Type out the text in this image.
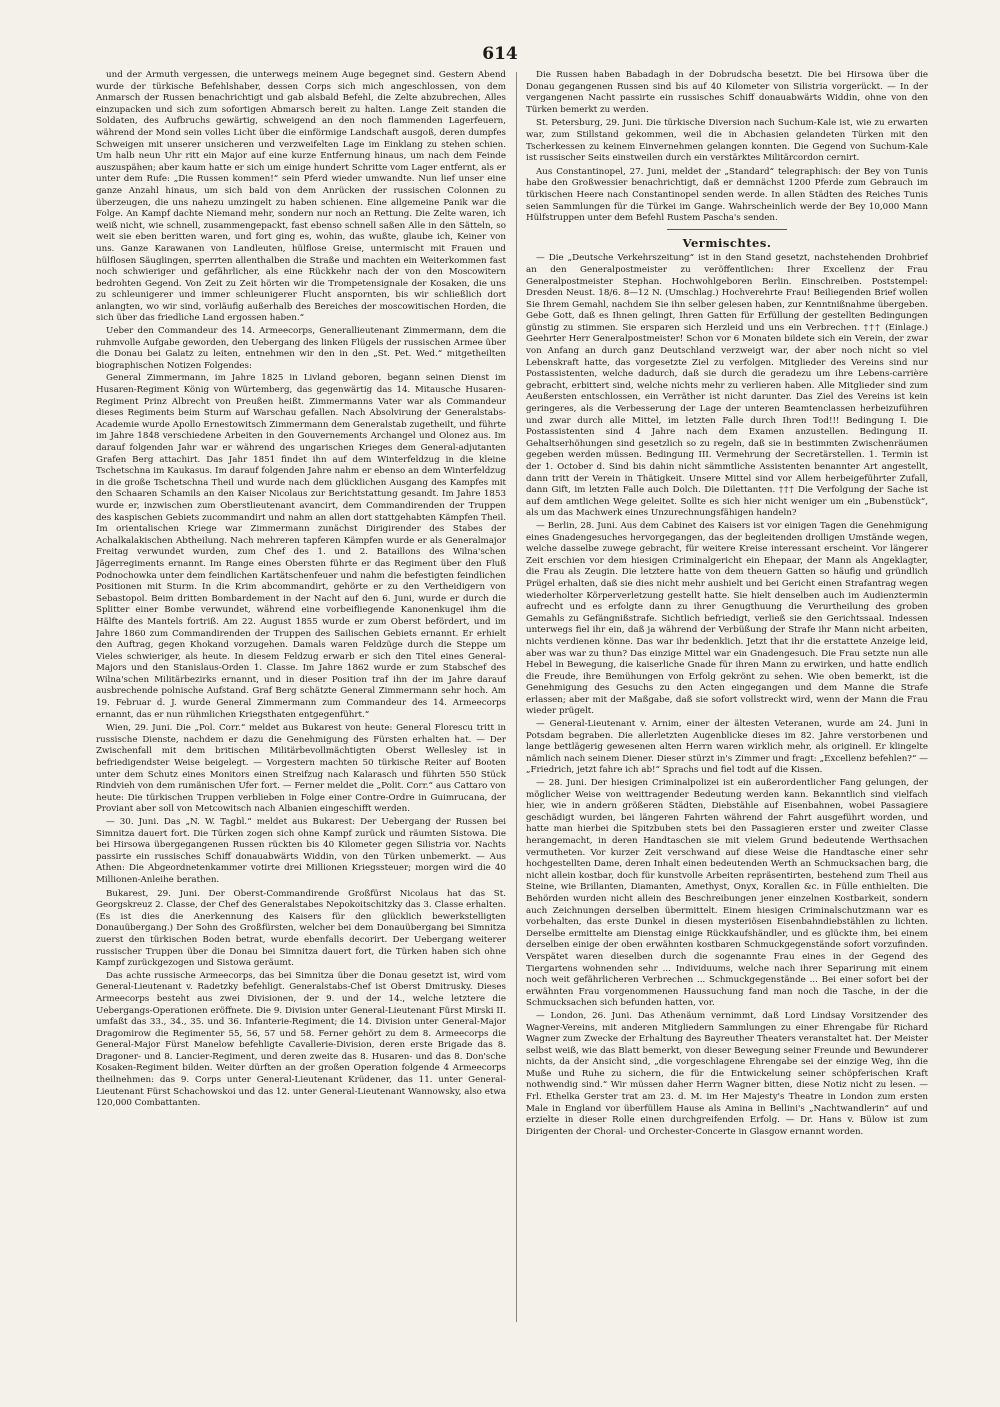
614

und der Armuth vergessen, die unterwegs meinem Auge begegnet sind. Gestern Abend wurde der türkische Befehlshaber, dessen Corps sich mich angeschlossen, von dem Anmarsch der Russen benachrichtigt und gab alsbald Befehl, die Zelte abzubrechen, Alles einzupacken und sich zum sofortigen Abmarsch bereit zu halten. Lange Zeit standen die Soldaten, des Aufbruchs gewärtig, schweigend an den noch flammenden Lagerfeuern, während der Mond sein volles Licht über die einförmige Landschaft ausgoß, deren dumpfes Schweigen mit unserer unsicheren und verzweifelten Lage im Einklang zu stehen schien. Um halb neun Uhr ritt ein Major auf eine kurze Entfernung hinaus, um nach dem Feinde auszuspähen; aber kaum hatte er sich um einige hundert Schritte vom Lager entfernt, als er unter dem Rufe: „Die Russen kommen!“ sein Pferd wieder umwandte. Nun lief unser eine ganze Anzahl hinaus, um sich bald von dem Anrücken der russischen Colonnen zu überzeugen, die uns nahezu umzingelt zu haben schienen. Eine allgemeine Panik war die Folge. An Kampf dachte Niemand mehr, sondern nur noch an Rettung. Die Zelte waren, ich weiß nicht, wie schnell, zusammengepackt, fast ebenso schnell saßen Alle in den Sätteln, so weit sie eben beritten waren, und fort ging es, wohin, das wußte, glaube ich, Keiner von uns. Ganze Karawanen von Landleuten, hülflose Greise, untermischt mit Frauen und hülflosen Säuglingen, sperrten allenthalben die Straße und machten ein Weiterkommen fast noch schwieriger und gefährlicher, als eine Rückkehr nach der von den Moscowitern bedrohten Gegend. Von Zeit zu Zeit hörten wir die Trompetensignale der Kosaken, die uns zu schleunigerer und immer schleunigerer Flucht anspornten, bis wir schließlich dort anlangten, wo wir sind, vorläufig außerhalb des Bereiches der moscowitischen Horden, die sich über das friedliche Land ergossen haben.“

Ueber den Commandeur des 14. Armeecorps, Generallieutenant Zimmermann, dem die ruhmvolle Aufgabe geworden, den Uebergang des linken Flügels der russischen Armee über die Donau bei Galatz zu leiten, entnehmen wir den in den „St. Pet. Wed.“ mitgetheilten biographischen Notizen Folgendes:

General Zimmermann, im Jahre 1825 in Livland geboren, begann seinen Dienst im Husaren-Regiment König von Würtemberg, das gegenwärtig das 14. Mitausche Husaren-Regiment Prinz Albrecht von Preußen heißt. Zimmermanns Vater war als Commandeur dieses Regiments beim Sturm auf Warschau gefallen. Nach Absolvirung der Generalstabs-Academie wurde Apollo Ernestowitsch Zimmermann dem Generalstab zugetheilt, und führte im Jahre 1848 verschiedene Arbeiten in den Gouvernements Archangel und Olonez aus. Im darauf folgenden Jahr war er während des ungarischen Krieges dem General-adjutanten Grafen Berg attachirt. Das Jahr 1851 findet ihn auf dem Winterfeldzug in die kleine Tschetschna im Kaukasus. Im darauf folgenden Jahre nahm er ebenso an dem Winterfeldzug in die große Tschetschna Theil und wurde nach dem glücklichen Ausgang des Kampfes mit den Schaaren Schamils an den Kaiser Nicolaus zur Berichtstattung gesandt. Im Jahre 1853 wurde er, inzwischen zum Oberstlieutenant avancirt, dem Commandirenden der Truppen des kaspischen Gebiets zucommandirt und nahm an allen dort stattgehabten Kämpfen Theil. Im orientalischen Kriege war Zimmermann zunächst Dirigirender des Stabes der Achalkalakischen Abtheilung. Nach mehreren tapferen Kämpfen wurde er als Generalmajor Freitag verwundet wurden, zum Chef des 1. und 2. Bataillons des Wilna'schen Jägerregiments ernannt. Im Range eines Obersten führte er das Regiment über den Fluß Podnochowka unter dem feindlichen Kartätschenfeuer und nahm die befestigten feindlichen Positionen mit Sturm. In die Krim abcommandirt, gehörte er zu den Vertheidigern von Sebastopol. Beim dritten Bombardement in der Nacht auf den 6. Juni, wurde er durch die Splitter einer Bombe verwundet, während eine vorbeifliegende Kanonenkugel ihm die Hälfte des Mantels fortriß. Am 22. August 1855 wurde er zum Oberst befördert, und im Jahre 1860 zum Commandirenden der Truppen des Sailischen Gebiets ernannt. Er erhielt den Auftrag, gegen Khokand vorzugehen. Damals waren Feldzüge durch die Steppe um Vieles schwieriger, als heute. In diesem Feldzug erwarb er sich den Titel eines General-Majors und den Stanislaus-Orden 1. Classe. Im Jahre 1862 wurde er zum Stabschef des Wilna'schen Militärbezirks ernannt, und in dieser Position traf ihn der im Jahre darauf ausbrechende polnische Aufstand. Graf Berg schätzte General Zimmermann sehr hoch. Am 19. Februar d. J. wurde General Zimmermann zum Commandeur des 14. Armeecorps ernannt, das er nun rühmlichen Kriegsthaten entgegenführt.“

Wien, 29. Juni. Die „Pol. Corr.“ meldet aus Bukarest von heute: General Florescu tritt in russische Dienste, nachdem er dazu die Genehmigung des Fürsten erhalten hat. — Der Zwischenfall mit dem britischen Militärbevollmächtigten Oberst Wellesley ist in befriedigendster Weise beigelegt. — Vorgestern machten 50 türkische Reiter auf Booten unter dem Schutz eines Monitors einen Streifzug nach Kalarasch und führten 550 Stück Rindvieh von dem rumänischen Ufer fort. — Ferner meldet die „Polit. Corr.“ aus Cattaro von heute: Die türkischen Truppen verblieben in Folge einer Contre-Ordre in Guimrucana, der Proviant aber soll von Metcowitsch nach Albanien eingeschifft werden.

— 30. Juni. Das „N. W. Tagbl.“ meldet aus Bukarest: Der Uebergang der Russen bei Simnitza dauert fort. Die Türken zogen sich ohne Kampf zurück und räumten Sistowa. Die bei Hirsowa übergegangenen Russen rückten bis 40 Kilometer gegen Silistria vor. Nachts passirte ein russisches Schiff donauabwärts Widdin, von den Türken unbemerkt. — Aus Athen: Die Abgeordnetenkammer votirte drei Millionen Kriegssteuer; morgen wird die 40 Millionen-Anleihe berathen.

Bukarest, 29. Juni. Der Oberst-Commandirende Großfürst Nicolaus hat das St. Georgskreuz 2. Classe, der Chef des Generalstabes Nepokoitschitzky das 3. Classe erhalten. (Es ist dies die Anerkennung des Kaisers für den glücklich bewerkstelligten Donauübergang.) Der Sohn des Großfürsten, welcher bei dem Donauübergang bei Simnitza zuerst den türkischen Boden betrat, wurde ebenfalls decorirt. Der Uebergang weiterer russischer Truppen über die Donau bei Simnitza dauert fort, die Türken haben sich ohne Kampf zurückgezogen und Sistowa geräumt.

Das achte russische Armeecorps, das bei Simnitza über die Donau gesetzt ist, wird vom General-Lieutenant v. Radetzky befehligt. Generalstabs-Chef ist Oberst Dmitrusky. Dieses Armeecorps besteht aus zwei Divisionen, der 9. und der 14., welche letztere die Uebergangs-Operationen eröffnete. Die 9. Division unter General-Lieutenant Fürst Mirski II. umfaßt das 33., 34., 35. und 36. Infanterie-Regiment; die 14. Division unter General-Major Dragomirow die Regimenter 55, 56, 57 und 58. Ferner gehört zu dem 8. Armeecorps die General-Major Fürst Manelow befehligte Cavallerie-Division, deren erste Brigade das 8. Dragoner- und 8. Lancier-Regiment, und deren zweite das 8. Husaren- und das 8. Don'sche Kosaken-Regiment bilden. Weiter dürften an der großen Operation folgende 4 Armeecorps theilnehmen: das 9. Corps unter General-Lieutenant Krüdener, das 11. unter General-Lieutenant Fürst Schachowskoi und das 12. unter General-Lieutenant Wannowsky, also etwa 120,000 Combattanten.

Die Russen haben Babadagh in der Dobrudscha besetzt. Die bei Hirsowa über die Donau gegangenen Russen sind bis auf 40 Kilometer von Silistria vorgerückt. — In der vergangenen Nacht passirte ein russisches Schiff donauabwärts Widdin, ohne von den Türken bemerkt zu werden.

St. Petersburg, 29. Juni. Die türkische Diversion nach Suchum-Kale ist, wie zu erwarten war, zum Stillstand gekommen, weil die in Abchasien gelandeten Türken mit den Tscherkessen zu keinem Einvernehmen gelangen konnten. Die Gegend von Suchum-Kale ist russischer Seits einstweilen durch ein verstärktes Militärcordon cernirt.

Aus Constantinopel, 27. Juni, meldet der „Standard“ telegraphisch: der Bey von Tunis habe den Großwessier benachrichtigt, daß er demnächst 1200 Pferde zum Gebrauch im türkischen Heere nach Constantinopel senden werde. In allen Städten des Reiches Tunis seien Sammlungen für die Türkei im Gange. Wahrscheinlich werde der Bey 10,000 Mann Hülfstruppen unter dem Befehl Rustem Pascha's senden.

Vermischtes.

— Die „Deutsche Verkehrszeitung“ ist in den Stand gesetzt, nachstehenden Drohbrief an den Generalpostmeister zu veröffentlichen: Ihrer Excellenz der Frau Generalpostmeister Stephan. Hochwohlgeboren Berlin. Einschreiben. Poststempel: Dresden Neust. 18/6. 8—12 N. (Umschlag.) Hochverehrte Frau! Beiliegenden Brief wollen Sie Ihrem Gemahl, nachdem Sie ihn selber gelesen haben, zur Kenntnißnahme übergeben. Gebe Gott, daß es Ihnen gelingt, Ihren Gatten für Erfüllung der gestellten Bedingungen günstig zu stimmen. Sie ersparen sich Herzleid und uns ein Verbrechen. ††† (Einlage.) Geehrter Herr Generalpostmeister! Schon vor 6 Monaten bildete sich ein Verein, der zwar von Anfang an durch ganz Deutschland verzweigt war, der aber noch nicht so viel Lebenskraft hatte, das vorgesetzte Ziel zu verfolgen. Mitglieder des Vereins sind nur Postassistenten, welche dadurch, daß sie durch die geradezu um ihre Lebens-carrière gebracht, erbittert sind, welche nichts mehr zu verlieren haben. Alle Mitglieder sind zum Aeußersten entschlossen, ein Verräther ist nicht darunter. Das Ziel des Vereins ist kein geringeres, als die Verbesserung der Lage der unteren Beamtenclassen herbeizuführen und zwar durch alle Mittel, im letzten Falle durch Ihren Tod!!! Bedingung I. Die Postassistenten sind 4 Jahre nach dem Examen anzustellen. Bedingung II. Gehaltserhöhungen sind gesetzlich so zu regeln, daß sie in bestimmten Zwischenräumen gegeben werden müssen. Bedingung III. Vermehrung der Secretärstellen. 1. Termin ist der 1. October d. Sind bis dahin nicht sämmtliche Assistenten benannter Art angestellt, dann tritt der Verein in Thätigkeit. Unsere Mittel sind vor Allem herbeigeführter Zufall, dann Gift, im letzten Falle auch Dolch. Die Dilettanten. ††† Die Verfolgung der Sache ist auf dem amtlichen Wege geleitet. Sollte es sich hier nicht weniger um ein „Bubenstück“, als um das Machwerk eines Unzurechnungsfähigen handeln?

— Berlin, 28. Juni. Aus dem Cabinet des Kaisers ist vor einigen Tagen die Genehmigung eines Gnadengesuches hervorgegangen, das der begleitenden drolligen Umstände wegen, welche dasselbe zuwege gebracht, für weitere Kreise interessant erscheint. Vor längerer Zeit erschien vor dem hiesigen Criminalgericht ein Ehepaar, der Mann als Angeklagter, die Frau als Zeugin. Die letztere hatte von dem theuern Gatten so häufig und gründlich Prügel erhalten, daß sie dies nicht mehr aushielt und bei Gericht einen Strafantrag wegen wiederholter Körperverletzung gestellt hatte. Sie hielt denselben auch im Audienztermin aufrecht und es erfolgte dann zu ihrer Genugthuung die Verurtheilung des groben Gemahls zu Gefängnißstrafe. Sichtlich befriedigt, verließ sie den Gerichtssaal. Indessen unterwegs fiel ihr ein, daß ja während der Verbüßung der Strafe ihr Mann nicht arbeiten, nichts verdienen könne. Das war ihr bedenklich. Jetzt that ihr die erstattete Anzeige leid, aber was war zu thun? Das einzige Mittel war ein Gnadengesuch. Die Frau setzte nun alle Hebel in Bewegung, die kaiserliche Gnade für ihren Mann zu erwirken, und hatte endlich die Freude, ihre Bemühungen von Erfolg gekrönt zu sehen. Wie oben bemerkt, ist die Genehmigung des Gesuchs zu den Acten eingegangen und dem Manne die Strafe erlassen; aber mit der Maßgabe, daß sie sofort vollstreckt wird, wenn der Mann die Frau wieder prügelt.

— General-Lieutenant v. Arnim, einer der ältesten Veteranen, wurde am 24. Juni in Potsdam begraben. Die allerletzten Augenblicke dieses im 82. Jahre verstorbenen und lange bettlägerig gewesenen alten Herrn waren wirklich mehr, als originell. Er klingelte nämlich nach seinem Diener. Dieser stürzt in's Zimmer und fragt: „Excellenz befehlen?“ — „Friedrich, jetzt fahre ich ab!“ Sprachs und fiel todt auf die Kissen.

— 28. Juni. Der hiesigen Criminalpolizei ist ein außerordentlicher Fang gelungen, der möglicher Weise von weittragender Bedeutung werden kann. Bekanntlich sind vielfach hier, wie in andern größeren Städten, Diebstähle auf Eisenbahnen, wobei Passagiere geschädigt wurden, bei längeren Fahrten während der Fahrt ausgeführt worden, und hatte man hierbei die Spitzbuben stets bei den Passagieren erster und zweiter Classe herangemacht, in deren Handtaschen sie mit vielem Grund bedeutende Werthsachen vermutheten. Vor kurzer Zeit verschwand auf diese Weise die Handtasche einer sehr hochgestellten Dame, deren Inhalt einen bedeutenden Werth an Schmucksachen barg, die nicht allein kostbar, doch für kunstvolle Arbeiten repräsentirten, bestehend zum Theil aus Steine, wie Brillanten, Diamanten, Amethyst, Onyx, Korallen &c. in Fülle enthielten. Die Behörden wurden nicht allein des Beschreibungen jener einzelnen Kostbarkeit, sondern auch Zeichnungen derselben übermittelt. Einem hiesigen Criminalschutzmann war es vorbehalten, das erste Dunkel in diesen mysteriösen Eisenbahndiebstählen zu lichten. Derselbe ermittelte am Dienstag einige Rückkaufshändler, und es glückte ihm, bei einem derselben einige der oben erwähnten kostbaren Schmuckgegenstände sofort vorzufinden. Verspätet waren dieselben durch die sogenannte Frau eines in der Gegend des Tiergartens wohnenden sehr ... Individuums, welche nach ihrer Separirung mit einem noch weit gefährlicheren Verbrechen ... Schmuckgegenstände ... Bei einer sofort bei der erwähnten Frau vorgenommenen Haussuchung fand man noch die Tasche, in der die Schmucksachen sich befunden hatten, vor.

— London, 26. Juni. Das Athenäum vernimmt, daß Lord Lindsay Vorsitzender des Wagner-Vereins, mit anderen Mitgliedern Sammlungen zu einer Ehrengabe für Richard Wagner zum Zwecke der Erhaltung des Bayreuther Theaters veranstaltet hat. Der Meister selbst weiß, wie das Blatt bemerkt, von dieser Bewegung seiner Freunde und Bewunderer nichts, da der Ansicht sind, „die vorgeschlagene Ehrengabe sei der einzige Weg, ihn die Muße und Ruhe zu sichern, die für die Entwickelung seiner schöpferischen Kraft nothwendig sind.“ Wir müssen daher Herrn Wagner bitten, diese Notiz nicht zu lesen. — Frl. Ethelka Gerster trat am 23. d. M. im Her Majesty's Theatre in London zum ersten Male in England vor überfüllem Hause als Amina in Bellini's „Nachtwandlerin“ auf und erzielte in dieser Rolle einen durchgreifenden Erfolg. — Dr. Hans v. Bülow ist zum Dirigenten der Choral- und Orchester-Concerte in Glasgow ernannt worden.
